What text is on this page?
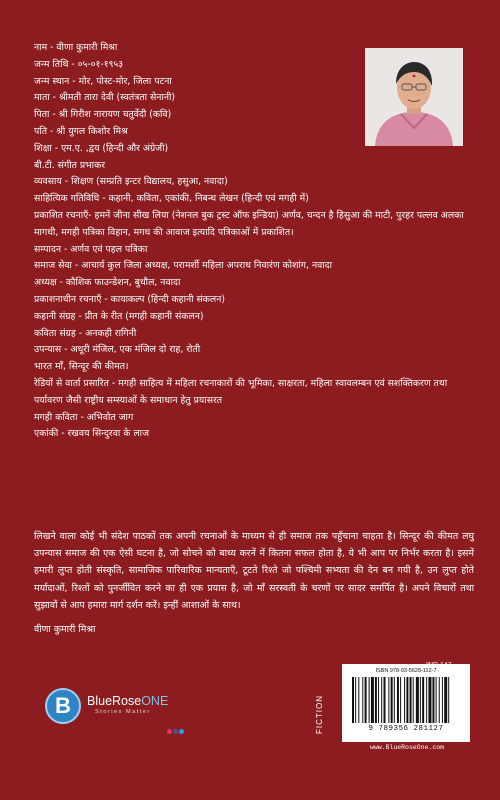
नाम - वीणा कुमारी मिश्रा
जन्म तिथि - ०५-०१-१९५३
जन्म स्थान - मोर, पोस्ट-मोर, जिला पटना
माता - श्रीमती तारा देवी (स्वतंत्रता सेनानी)
पिता - श्री गिरीश नारायण चतुर्वेदी (कवि)
पति - श्री युगल किशोर मिश्र
शिक्षा - एम.ए. ,द्वय (हिन्दी और अंग्रेजी)
बी.टी. संगीत प्रभाकर
व्यवसाय - शिक्षण (सम्प्रति इन्टर विद्यालय, हसुआ, नवादा)
साहित्यिक गतिविधि - कहानी, कविता, एकांकी, निबन्ध लेखन (हिन्दी एवं मगही में)
प्रकाशित रचनाएँ- हमनें जीना सीख लिया (नेशनल बुक ट्रस्ट ऑफ इन्डिया) अर्णव, चन्दन है हिसुआ की माटी, पुरहर पल्लव अलका मागधी, मगही पत्रिका विहान, मगध की आवाज इत्यादि पत्रिकाओं में प्रकाशित।
सम्पादन - अर्णव एवं पहल पत्रिका
समाज सेवा - आचार्य कुल जिला अध्यक्ष, परामर्शी महिला अपराध निवारंण कोशांग, नवादा
अध्यक्ष - कौशिक फाउन्डेशन, बुधौल, नवादा
प्रकाशनाधीन रचनाएँ - कायाकल्प (हिन्दी कहानी संकलन)
कहानी संग्रह - प्रीत के रीत (मगही कहानी संकलन)
कविता संग्रह - अनकही रागिनी
उपन्यास - अधूरी मंजिल, एक मंजिल दो राह, रोती
भारत माँ, सिन्दूर की कीमत।
रेडियों से वार्ता प्रसारित - मगही साहित्य में महिला रचनाकारों की भूमिका, साक्षरता, महिला स्वावलम्बन एवं सशक्तिकरण तथा पर्यावरण जैसी राष्ट्रीय सम्स्याओं के समाधान हेतु प्रयासरत
मगही कविता - अभिवोत जाग
एकांकी - रखवय सिन्दुरवा के लाज
लिखने वाला कोई भी संदेश पाठकों तक अपनी रचनाओं के माध्यम से ही समाज तक पहुँचाना चाहता है। सिन्दूर की कीमत लघु उपन्यास समाज की एक ऐसी घटना है, जो सोचने को बाध्य करनें में कितना सफल होता है, ये भी आप पर निर्भर करता है। इसमें हमारी लुप्त होती संस्कृति, सामाजिक पारिवारिक मान्यताएँ, टूटते रिश्ते जो पश्चिमी सभ्यता की देन बन गयी है, उन लुप्त होते मर्यादाओं, रिश्तों को पुनर्जीवित करने का ही एक प्रयास है, जो माँ सरस्वती के चरणों पर सादर समर्पित है। अपने विचारों तथा सुझावों से आप हमारा मार्ग दर्शन करें। इन्हीं आशाओं के साथ।
वीणा कुमारी मिश्रा
B BlueRoseONE
Stories Matter	FICTION
ISBN 978-93-5628-112-7
9 789356 281127
www.BlueRoseOne.com
